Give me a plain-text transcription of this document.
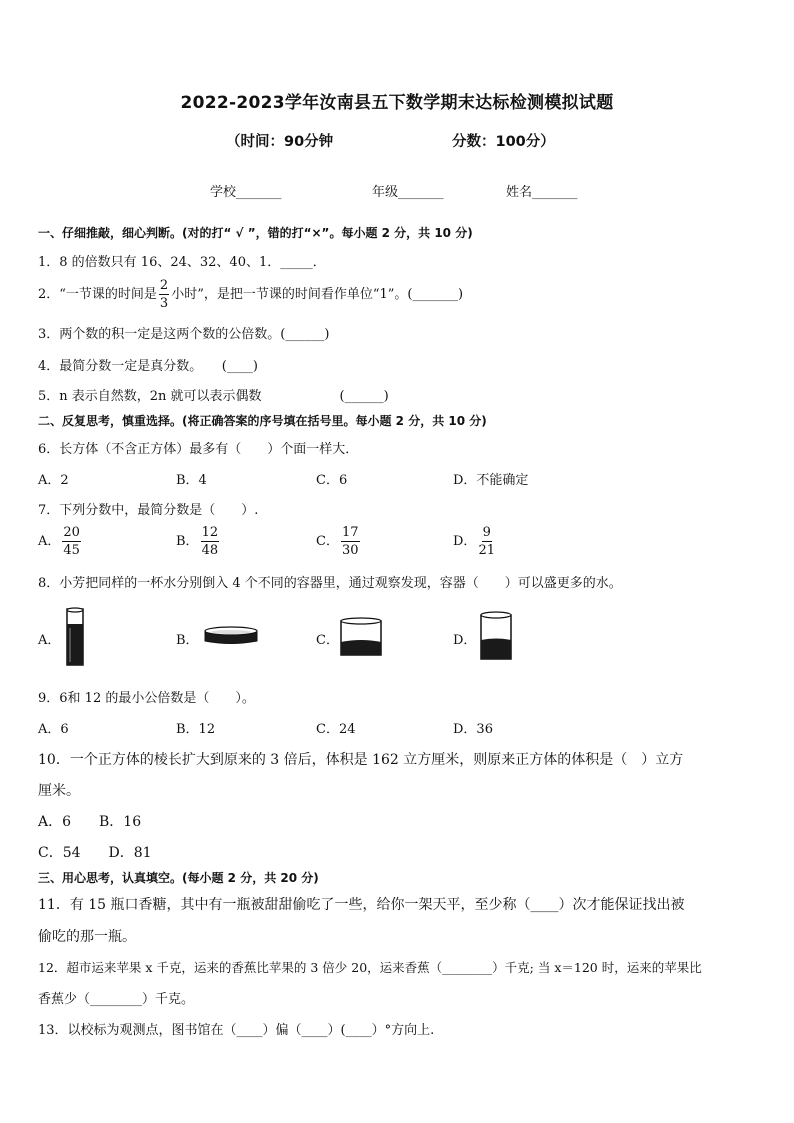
2022-2023学年汝南县五下数学期末达标检测模拟试题
（时间：90分钟	分数：100分）
学校_______	年级_______	姓名_______
一、仔细推敲，细心判断。(对的打“ √ ”，错的打“×”。每小题 2 分，共 10 分)
1．8 的倍数只有 16、24、32、40、1．_____．
2．“一节课的时间是 $\frac{2}{3}$ 小时”，是把一节课的时间看作单位“1”。(_______)
3．两个数的积一定是这两个数的公倍数。(______)
4．最简分数一定是真分数。　　(____)
5．n 表示自然数，2n 就可以表示偶数　　　　　　(______)
二、反复思考，慎重选择。(将正确答案的序号填在括号里。每小题 2 分，共 10 分)
6．长方体（不含正方体）最多有（　　）个面一样大．
A．2	B．4	C．6	D．不能确定
7．下列分数中，最简分数是（　　）.
A． $\frac{20}{45}$	B． $\frac{12}{48}$	C． $\frac{17}{30}$	D． $\frac{9}{21}$
8．小芳把同样的一杯水分别倒入 4 个不同的容器里，通过观察发现，容器（　　）可以盛更多的水。
A．	B．	C．	D．
9．6和 12 的最小公倍数是（　　）。
A．6	B．12	C．24	D．36
10．一个正方体的棱长扩大到原来的 3 倍后，体积是 162 立方厘米，则原来正方体的体积是（　）立方
厘米。
A．6　　B．16
C．54　　D．81
三、用心思考，认真填空。(每小题 2 分，共 20 分)
11．有 15 瓶口香糖，其中有一瓶被甜甜偷吃了一些，给你一架天平，至少称（____）次才能保证找出被
偷吃的那一瓶。
12．超市运来苹果 x 千克，运来的香蕉比苹果的 3 倍少 20，运来香蕉（________）千克; 当 x＝120 时，运来的苹果比
香蕉少（________）千克。
13．以校标为观测点，图书馆在（____）偏（____）(____）°方向上.
